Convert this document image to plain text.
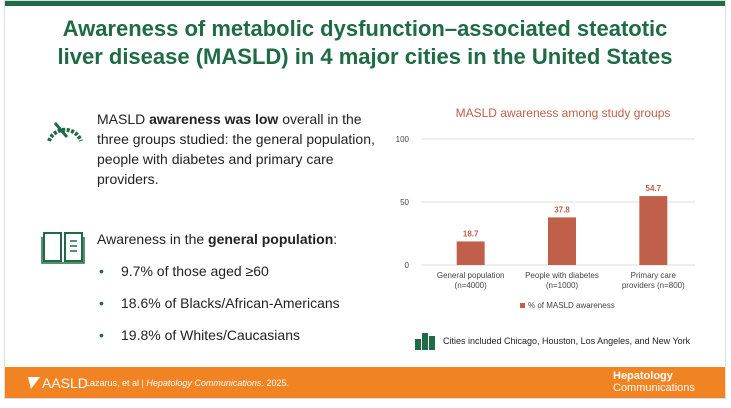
Awareness of metabolic dysfunction–associated steatotic
liver disease (MASLD) in 4 major cities in the United States
MASLD awareness was low overall in the three groups studied: the general population, people with diabetes and primary care providers.
Awareness in the general population:
• 9.7% of those aged ≥60
• 18.6% of Blacks/African-Americans
• 19.8% of Whites/Caucasians
MASLD awareness among study groups
0
50
100
18.7
General population
(n=4000)
37.8
People with diabetes
(n=1000)
54.7
Primary care
providers (n=800)
% of MASLD awareness
Cities included Chicago, Houston, Los Angeles, and New York
AASLD
Lazarus, et al | Hepatology Communications. 2025.
Hepatology
Communications
